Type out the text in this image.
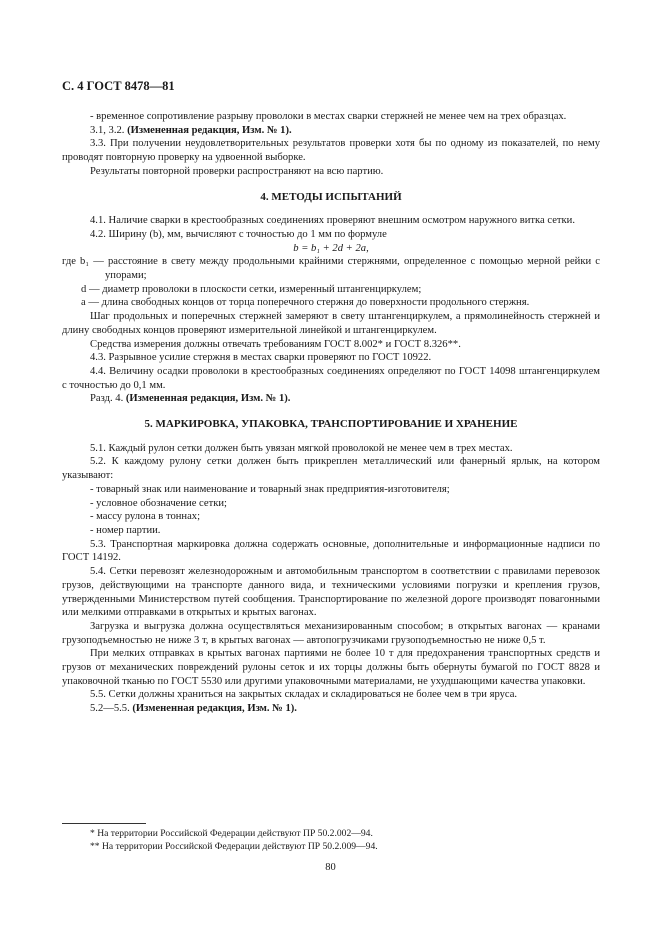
С. 4 ГОСТ 8478—81

- временное сопротивление разрыву проволоки в местах сварки стержней не менее чем на трех образцах.

3.1, 3.2. (Измененная редакция, Изм. № 1).

3.3. При получении неудовлетворительных результатов проверки хотя бы по одному из показателей, по нему проводят повторную проверку на удвоенной выборке.

Результаты повторной проверки распространяют на всю партию.

4. МЕТОДЫ ИСПЫТАНИЙ

4.1. Наличие сварки в крестообразных соединениях проверяют внешним осмотром наружного витка сетки.

4.2. Ширину (b), мм, вычисляют с точностью до 1 мм по формуле

b = b₁ + 2d + 2a,

где b₁ — расстояние в свету между продольными крайними стержнями, определенное с помощью мерной рейки с упорами;

d — диаметр проволоки в плоскости сетки, измеренный штангенциркулем;

a — длина свободных концов от торца поперечного стержня до поверхности продольного стержня.

Шаг продольных и поперечных стержней замеряют в свету штангенциркулем, а прямолинейность стержней и длину свободных концов проверяют измерительной линейкой и штангенциркулем.

Средства измерения должны отвечать требованиям ГОСТ 8.002* и ГОСТ 8.326**.

4.3. Разрывное усилие стержня в местах сварки проверяют по ГОСТ 10922.

4.4. Величину осадки проволоки в крестообразных соединениях определяют по ГОСТ 14098 штангенциркулем с точностью до 0,1 мм.

Разд. 4. (Измененная редакция, Изм. № 1).

5. МАРКИРОВКА, УПАКОВКА, ТРАНСПОРТИРОВАНИЕ И ХРАНЕНИЕ

5.1. Каждый рулон сетки должен быть увязан мягкой проволокой не менее чем в трех местах.

5.2. К каждому рулону сетки должен быть прикреплен металлический или фанерный ярлык, на котором указывают:

- товарный знак или наименование и товарный знак предприятия-изготовителя;

- условное обозначение сетки;

- массу рулона в тоннах;

- номер партии.

5.3. Транспортная маркировка должна содержать основные, дополнительные и информационные надписи по ГОСТ 14192.

5.4. Сетки перевозят железнодорожным и автомобильным транспортом в соответствии с правилами перевозок грузов, действующими на транспорте данного вида, и техническими условиями погрузки и крепления грузов, утвержденными Министерством путей сообщения. Транспортирование по железной дороге производят повагонными или мелкими отправками в открытых и крытых вагонах.

Загрузка и выгрузка должна осуществляться механизированным способом; в открытых вагонах — кранами грузоподъемностью не ниже 3 т, в крытых вагонах — автопогрузчиками грузоподъемностью не ниже 0,5 т.

При мелких отправках в крытых вагонах партиями не более 10 т для предохранения транспортных средств и грузов от механических повреждений рулоны сеток и их торцы должны быть обернуты бумагой по ГОСТ 8828 и упаковочной тканью по ГОСТ 5530 или другими упаковочными материалами, не ухудшающими качества упаковки.

5.5. Сетки должны храниться на закрытых складах и складироваться не более чем в три яруса.

5.2—5.5. (Измененная редакция, Изм. № 1).

* На территории Российской Федерации действуют ПР 50.2.002—94.

** На территории Российской Федерации действуют ПР 50.2.009—94.

80
